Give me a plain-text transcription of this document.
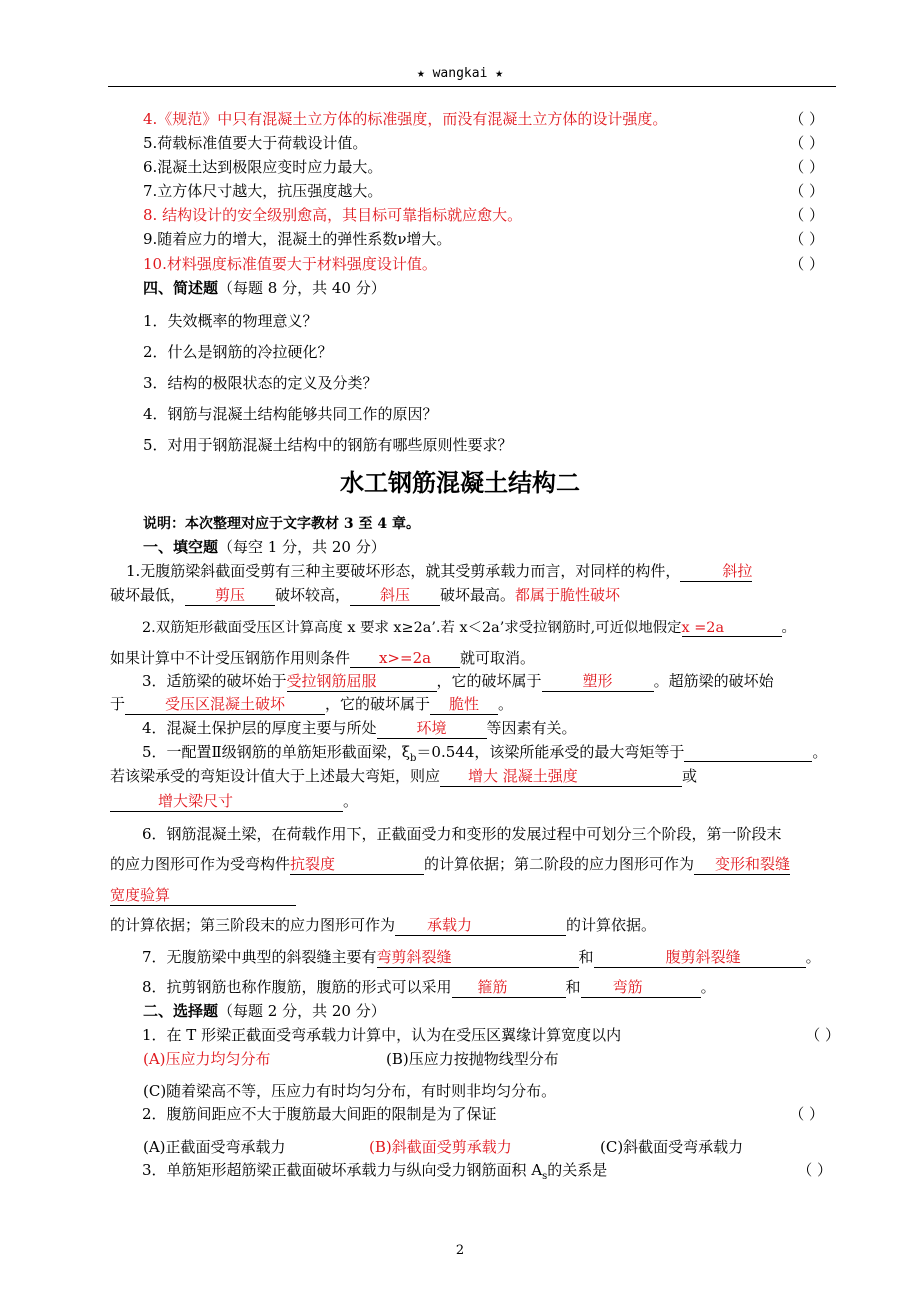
★ wangkai ★
4.《规范》中只有混凝土立方体的标准强度，而没有混凝土立方体的设计强度。	（ ）
5.荷载标准值要大于荷载设计值。	（ ）
6.混凝土达到极限应变时应力最大。	（ ）
7.立方体尺寸越大，抗压强度越大。	（ ）
8. 结构设计的安全级别愈高，其目标可靠指标就应愈大。	（ ）
9.随着应力的增大，混凝土的弹性系数ν增大。	（ ）
10.材料强度标准值要大于材料强度设计值。	（ ）
四、简述题（每题 8 分，共 40 分）
1．失效概率的物理意义？
2．什么是钢筋的冷拉硬化？
3．结构的极限状态的定义及分类？
4．钢筋与混凝土结构能够共同工作的原因？
5．对用于钢筋混凝土结构中的钢筋有哪些原则性要求？
水工钢筋混凝土结构二
说明：本次整理对应于文字教材 3 至 4 章。
一、填空题（每空 1 分，共 20 分）
1.无腹筋梁斜截面受剪有三种主要破坏形态，就其受剪承载力而言，对同样的构件，	斜拉
破坏最低， 剪压 破坏较高， 斜压 破坏最高。都属于脆性破坏
2.双筋矩形截面受压区计算高度 x 要求 x≥2a’.若 x＜2a’求受拉钢筋时,可近似地假定x =2a	。
如果计算中不计受压钢筋作用则条件 x>=2a 就可取消。
3．适筋梁的破坏始于受拉钢筋屈服	，它的破坏属于	塑形	。超筋梁的破坏始
于	受压区混凝土破坏	，它的破坏属于 脆性 。
4．混凝土保护层的厚度主要与所处	环境	等因素有关。
5．一配置Ⅱ级钢筋的单筋矩形截面梁，$\xi_b=0.544$，该梁所能承受的最大弯矩等于	。
若该梁承受的弯矩设计值大于上述最大弯矩，则应 增大 混凝土强度	或
增大梁尺寸	。
6．钢筋混凝土梁，在荷载作用下，正截面受力和变形的发展过程中可划分三个阶段，第一阶段末
的应力图形可作为受弯构件抗裂度	的计算依据；第二阶段的应力图形可作为 变形和裂缝
宽度验算
的计算依据；第三阶段末的应力图形可作为 承载力	的计算依据。
7．无腹筋梁中典型的斜裂缝主要有弯剪斜裂缝	和	腹剪斜裂缝	。
8．抗剪钢筋也称作腹筋，腹筋的形式可以采用 箍筋	和 弯筋	。
二、选择题（每题 2 分，共 20 分）
1．在 T 形梁正截面受弯承载力计算中，认为在受压区翼缘计算宽度以内	（ ）
(A)压应力均匀分布	(B)压应力按抛物线型分布
(C)随着梁高不等，压应力有时均匀分布，有时则非均匀分布。
2．腹筋间距应不大于腹筋最大间距的限制是为了保证	（ ）
(A)正截面受弯承载力	(B)斜截面受剪承载力	(C)斜截面受弯承载力
3．单筋矩形超筋梁正截面破坏承载力与纵向受力钢筋面积 $A_s$的关系是	（ ）
2
